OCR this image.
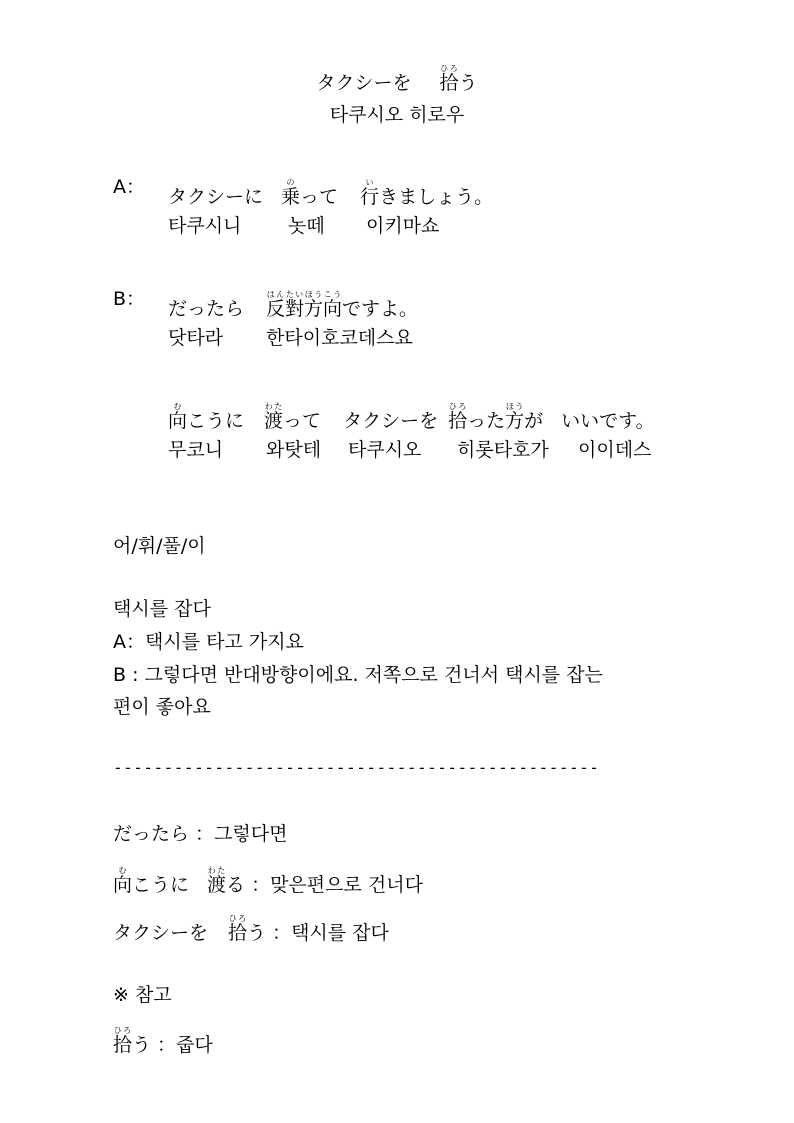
タクシーを 拾ひろう
타쿠시오 히로우
A： タクシーに 乗のって 行いきましょう。
타쿠시니 놋떼 이키마쇼
B： だったら 反對方向はんたいほうこうですよ。
닷타라 한타이호코데스요
向むこうに 渡わたって タクシーを 拾ひろった方ほうが いいです。
무코니 와탓테 타쿠시오 히롯타호가 이이데스
어/휘/풀/이
택시를 잡다
A：택시를 타고 가지요
B : 그렇다면 반대방향이에요. 저쪽으로 건너서 택시를 잡는
편이 좋아요
------------------------------------------------
だったら ：그렇다면
向むこうに 渡わたる ：맞은편으로 건너다
タクシーを 拾ひろう ：택시를 잡다
※ 참고
拾ひろう ：줍다
